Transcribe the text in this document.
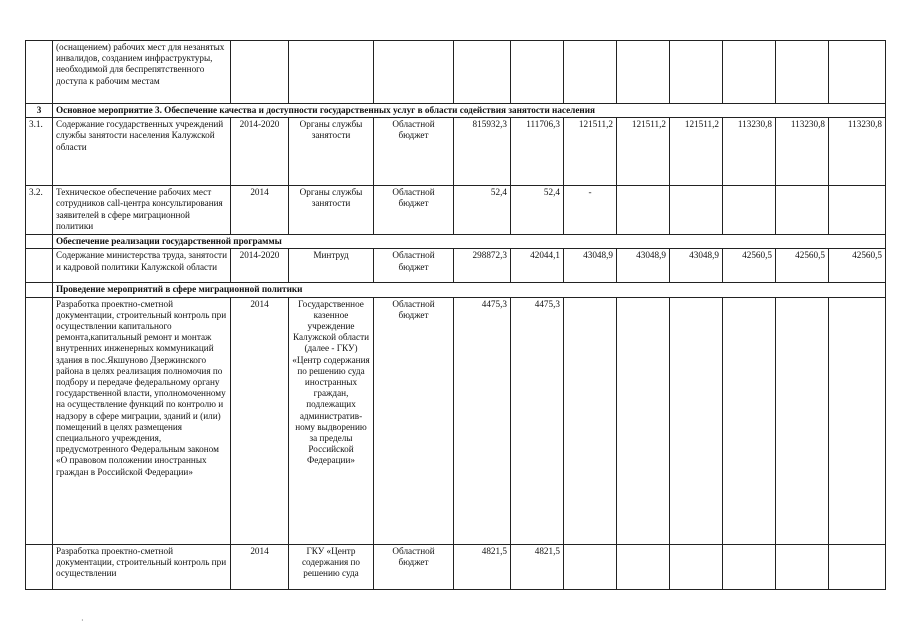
	(оснащением) рабочих мест для незанятых инвалидов, созданием инфраструктуры, необходимой для беспрепятственного доступа к рабочим местам											
3	Основное мероприятие 3. Обеспечение качества и доступности государственных услуг в области содействия занятости населения											
3.1.	Содержание государственных учреждений службы занятости населения Калужской области	2014-2020	Органы службы занятости	Областной бюджет	815932,3	111706,3	121511,2	121511,2	121511,2	113230,8	113230,8	113230,8
3.2.	Техническое обеспечение рабочих мест сотрудников call-центра консультирования заявителей в сфере миграционной политики	2014	Органы службы занятости	Областной бюджет	52,4	52,4	-					
	Обеспечение реализации государственной программы											
	Содержание министерства труда, занятости и кадровой политики Калужской области	2014-2020	Минтруд	Областной бюджет	298872,3	42044,1	43048,9	43048,9	43048,9	42560,5	42560,5	42560,5
	Проведение мероприятий в сфере миграционной политики											
	Разработка проектно-сметной документации, строительный контроль при осуществлении капитального ремонта,капитальный ремонт и монтаж внутренних инженерных коммуникаций здания в пос.Якшуново Дзержинского района в целях реализация полномочия по подбору и передаче федеральному органу государственной власти, уполномоченному на осуществление функций по контролю и надзору в сфере миграции, зданий и (или) помещений в целях размещения специального учреждения, предусмотренного Федеральным законом «О правовом положении иностранных граждан в Российской Федерации»	2014	Государственное казенное учреждение Калужской области (далее - ГКУ) «Центр содержания по решению суда иностранных граждан, подлежащих административ-ному выдворению за пределы Российской Федерации»	Областной бюджет	4475,3	4475,3						
	Разработка проектно-сметной документации, строительный контроль при осуществлении	2014	ГКУ «Центр содержания по решению суда	Областной бюджет	4821,5	4821,5						
·
